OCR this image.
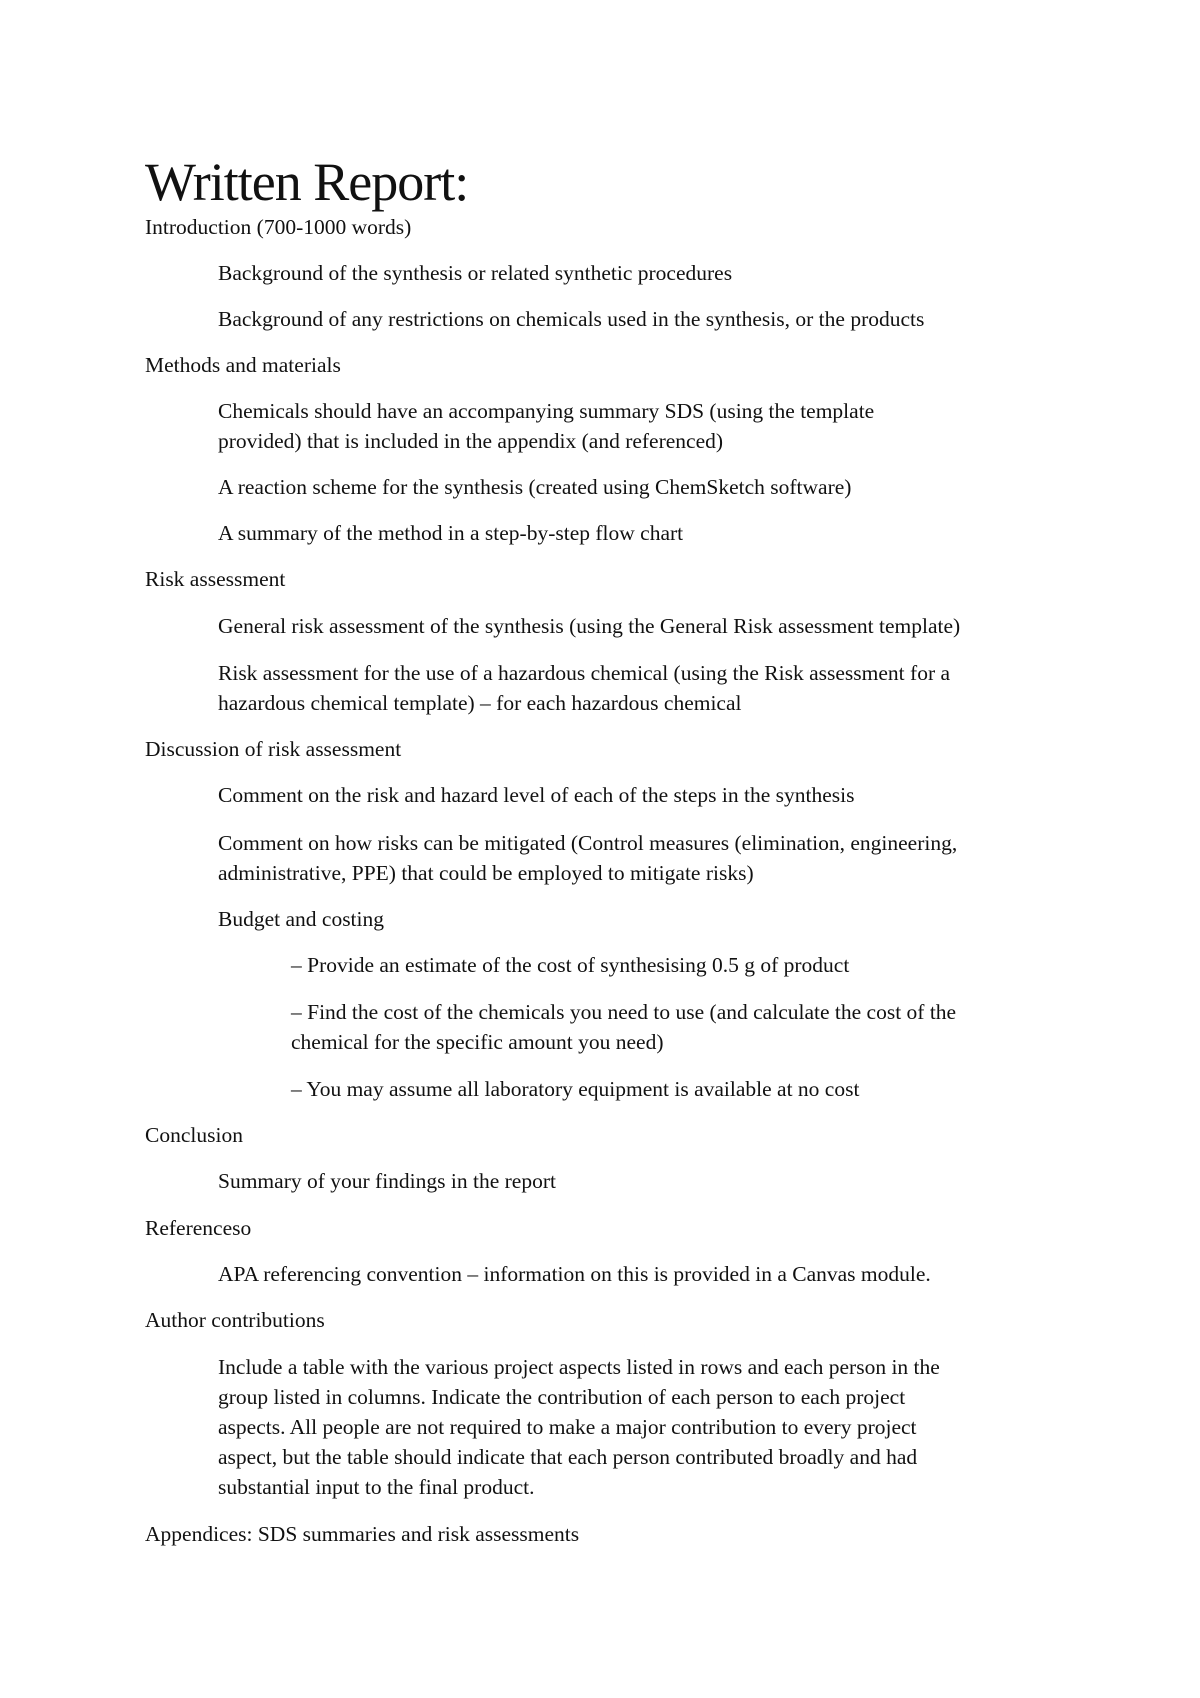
Written Report:
Introduction (700-1000 words)
Background of the synthesis or related synthetic procedures
Background of any restrictions on chemicals used in the synthesis, or the products
Methods and materials
Chemicals should have an accompanying summary SDS (using the template
provided) that is included in the appendix (and referenced)
A reaction scheme for the synthesis (created using ChemSketch software)
A summary of the method in a step-by-step flow chart
Risk assessment
General risk assessment of the synthesis (using the General Risk assessment template)
Risk assessment for the use of a hazardous chemical (using the Risk assessment for a
hazardous chemical template) – for each hazardous chemical
Discussion of risk assessment
Comment on the risk and hazard level of each of the steps in the synthesis
Comment on how risks can be mitigated (Control measures (elimination, engineering,
administrative, PPE) that could be employed to mitigate risks)
Budget and costing
– Provide an estimate of the cost of synthesising 0.5 g of product
– Find the cost of the chemicals you need to use (and calculate the cost of the
chemical for the specific amount you need)
– You may assume all laboratory equipment is available at no cost
Conclusion
Summary of your findings in the report
Referenceso
APA referencing convention – information on this is provided in a Canvas module.
Author contributions
Include a table with the various project aspects listed in rows and each person in the
group listed in columns. Indicate the contribution of each person to each project
aspects. All people are not required to make a major contribution to every project
aspect, but the table should indicate that each person contributed broadly and had
substantial input to the final product.
Appendices: SDS summaries and risk assessments
